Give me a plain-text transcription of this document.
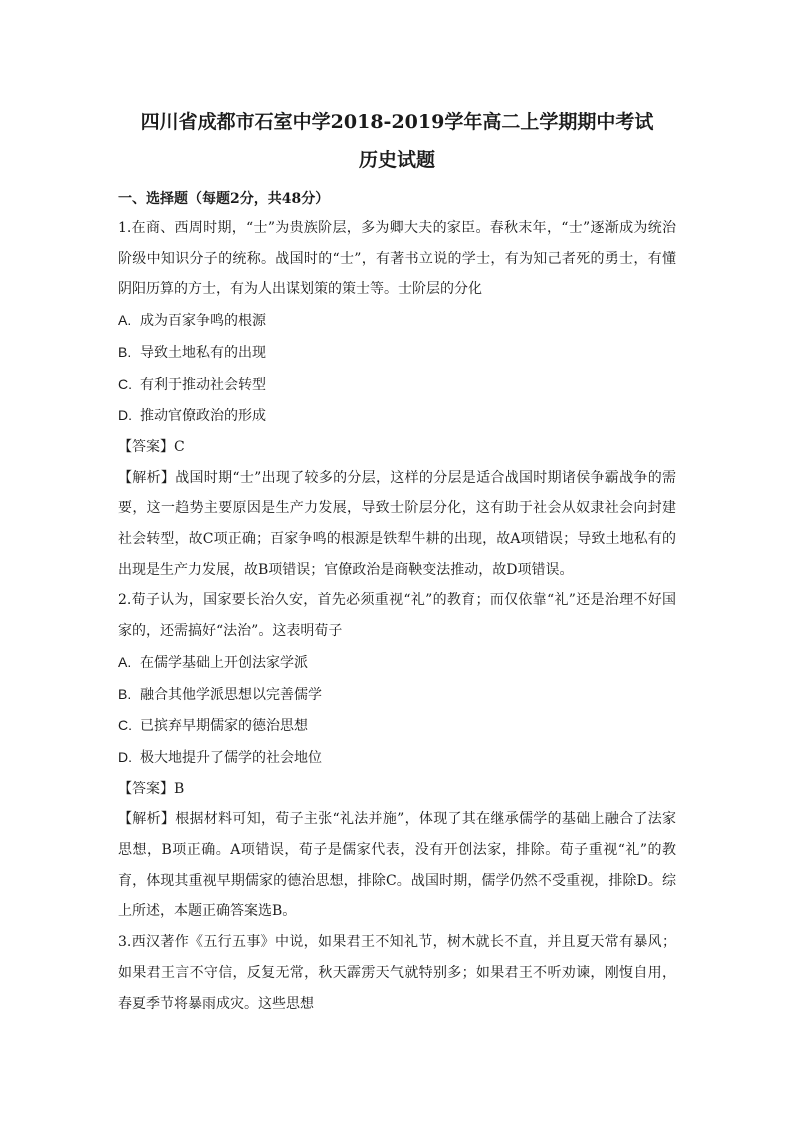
四川省成都市石室中学2018-2019学年高二上学期期中考试

历史试题

一、选择题（每题2分，共48分）

1.在商、西周时期，“士”为贵族阶层，多为卿大夫的家臣。春秋末年，“士”逐渐成为统治阶级中知识分子的统称。战国时的“士”，有著书立说的学士，有为知己者死的勇士，有懂阴阳历算的方士，有为人出谋划策的策士等。士阶层的分化

A. 成为百家争鸣的根源

B. 导致土地私有的出现

C. 有利于推动社会转型

D. 推动官僚政治的形成

【答案】C

【解析】战国时期“士”出现了较多的分层，这样的分层是适合战国时期诸侯争霸战争的需要，这一趋势主要原因是生产力发展，导致士阶层分化，这有助于社会从奴隶社会向封建社会转型，故C项正确；百家争鸣的根源是铁犁牛耕的出现，故A项错误；导致土地私有的出现是生产力发展，故B项错误；官僚政治是商鞅变法推动，故D项错误。

2.荀子认为，国家要长治久安，首先必须重视“礼”的教育；而仅依靠“礼”还是治理不好国家的，还需搞好“法治”。这表明荀子

A. 在儒学基础上开创法家学派

B. 融合其他学派思想以完善儒学

C. 已摈弃早期儒家的德治思想

D. 极大地提升了儒学的社会地位

【答案】B

【解析】根据材料可知，荀子主张“礼法并施”，体现了其在继承儒学的基础上融合了法家思想，B项正确。A项错误，荀子是儒家代表，没有开创法家，排除。荀子重视“礼”的教育，体现其重视早期儒家的德治思想，排除C。战国时期，儒学仍然不受重视，排除D。综上所述，本题正确答案选B。

3.西汉著作《五行五事》中说，如果君王不知礼节，树木就长不直，并且夏天常有暴风；如果君王言不守信，反复无常，秋天霹雳天气就特别多；如果君王不听劝谏，刚愎自用，春夏季节将暴雨成灾。这些思想
